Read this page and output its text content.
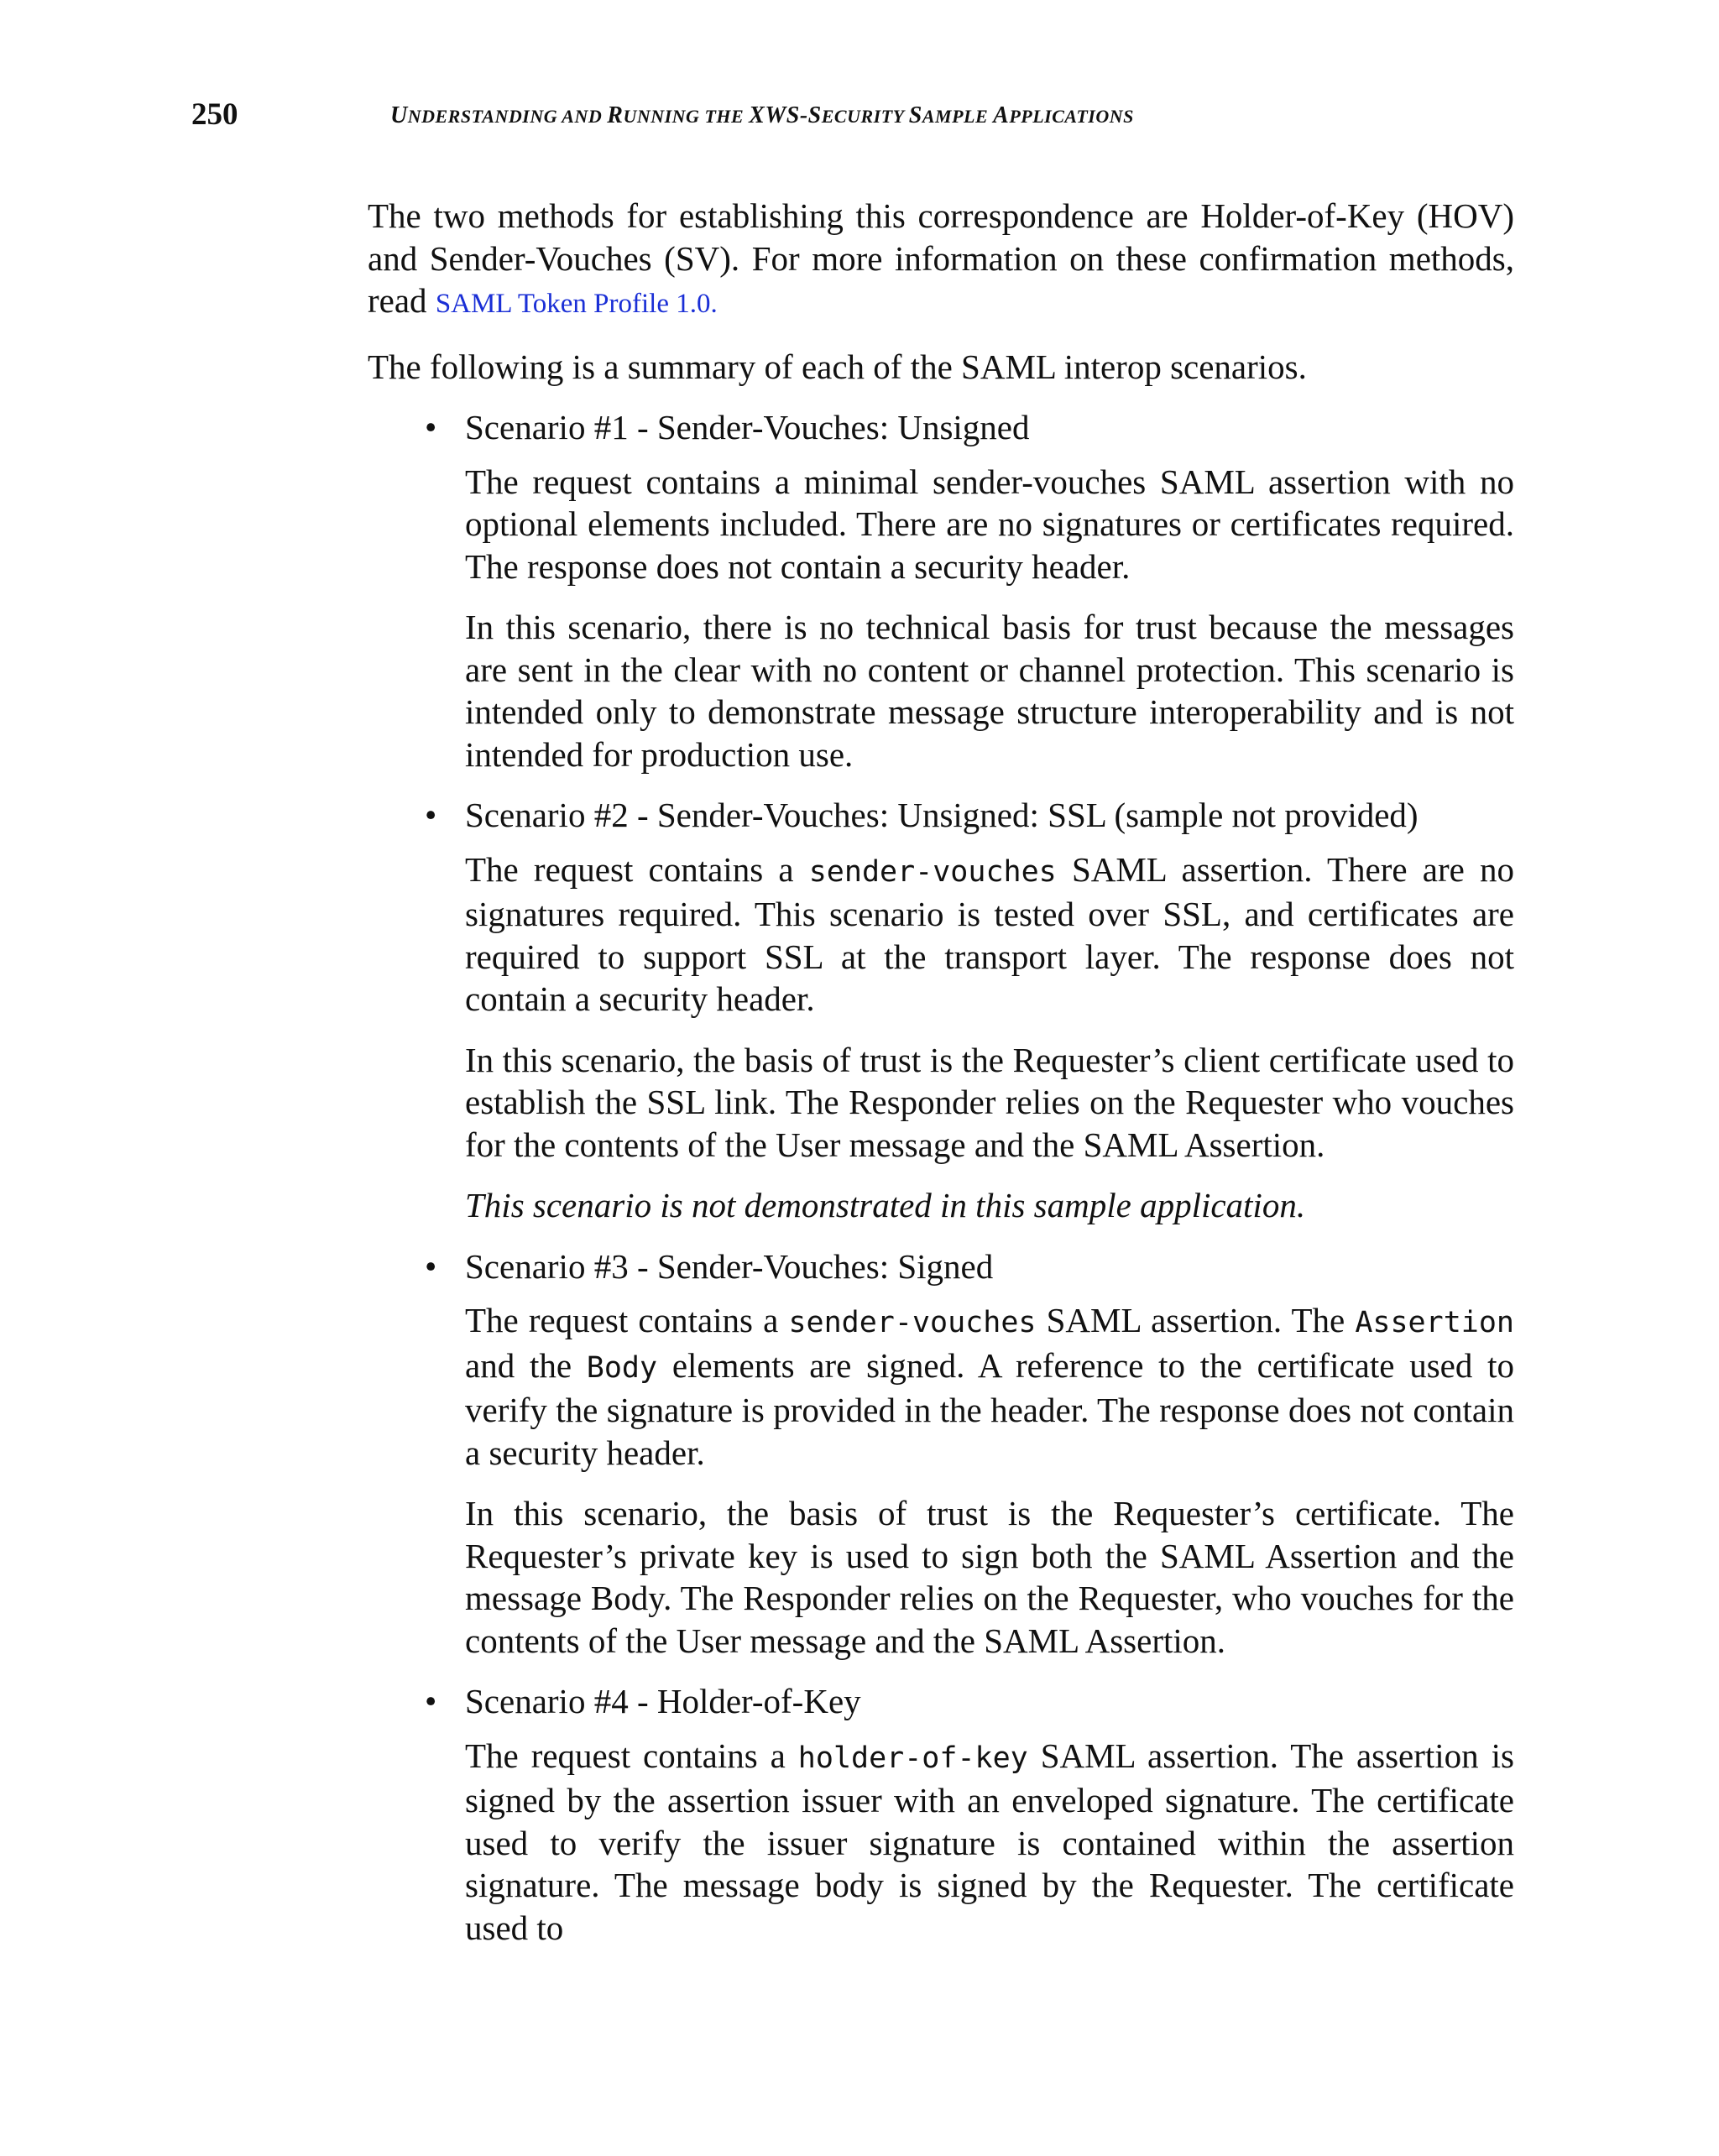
250	UNDERSTANDING AND RUNNING THE XWS-SECURITY SAMPLE APPLICATIONS

The two methods for establishing this correspondence are Holder-of-Key (HOV) and Sender-Vouches (SV). For more information on these confirmation methods, read SAML Token Profile 1.0.

The following is a summary of each of the SAML interop scenarios.

• Scenario #1 - Sender-Vouches: Unsigned

The request contains a minimal sender-vouches SAML assertion with no optional elements included. There are no signatures or certificates required. The response does not contain a security header.

In this scenario, there is no technical basis for trust because the messages are sent in the clear with no content or channel protection. This scenario is intended only to demonstrate message structure interoperability and is not intended for production use.

• Scenario #2 - Sender-Vouches: Unsigned: SSL (sample not provided)

The request contains a sender-vouches SAML assertion. There are no signatures required. This scenario is tested over SSL, and certificates are required to support SSL at the transport layer. The response does not contain a security header.

In this scenario, the basis of trust is the Requester’s client certificate used to establish the SSL link. The Responder relies on the Requester who vouches for the contents of the User message and the SAML Assertion.

This scenario is not demonstrated in this sample application.

• Scenario #3 - Sender-Vouches: Signed

The request contains a sender-vouches SAML assertion. The Assertion and the Body elements are signed. A reference to the certificate used to verify the signature is provided in the header. The response does not contain a security header.

In this scenario, the basis of trust is the Requester’s certificate. The Requester’s private key is used to sign both the SAML Assertion and the message Body. The Responder relies on the Requester, who vouches for the contents of the User message and the SAML Assertion.

• Scenario #4 - Holder-of-Key

The request contains a holder-of-key SAML assertion. The assertion is signed by the assertion issuer with an enveloped signature. The certificate used to verify the issuer signature is contained within the assertion signature. The message body is signed by the Requester. The certificate used to
